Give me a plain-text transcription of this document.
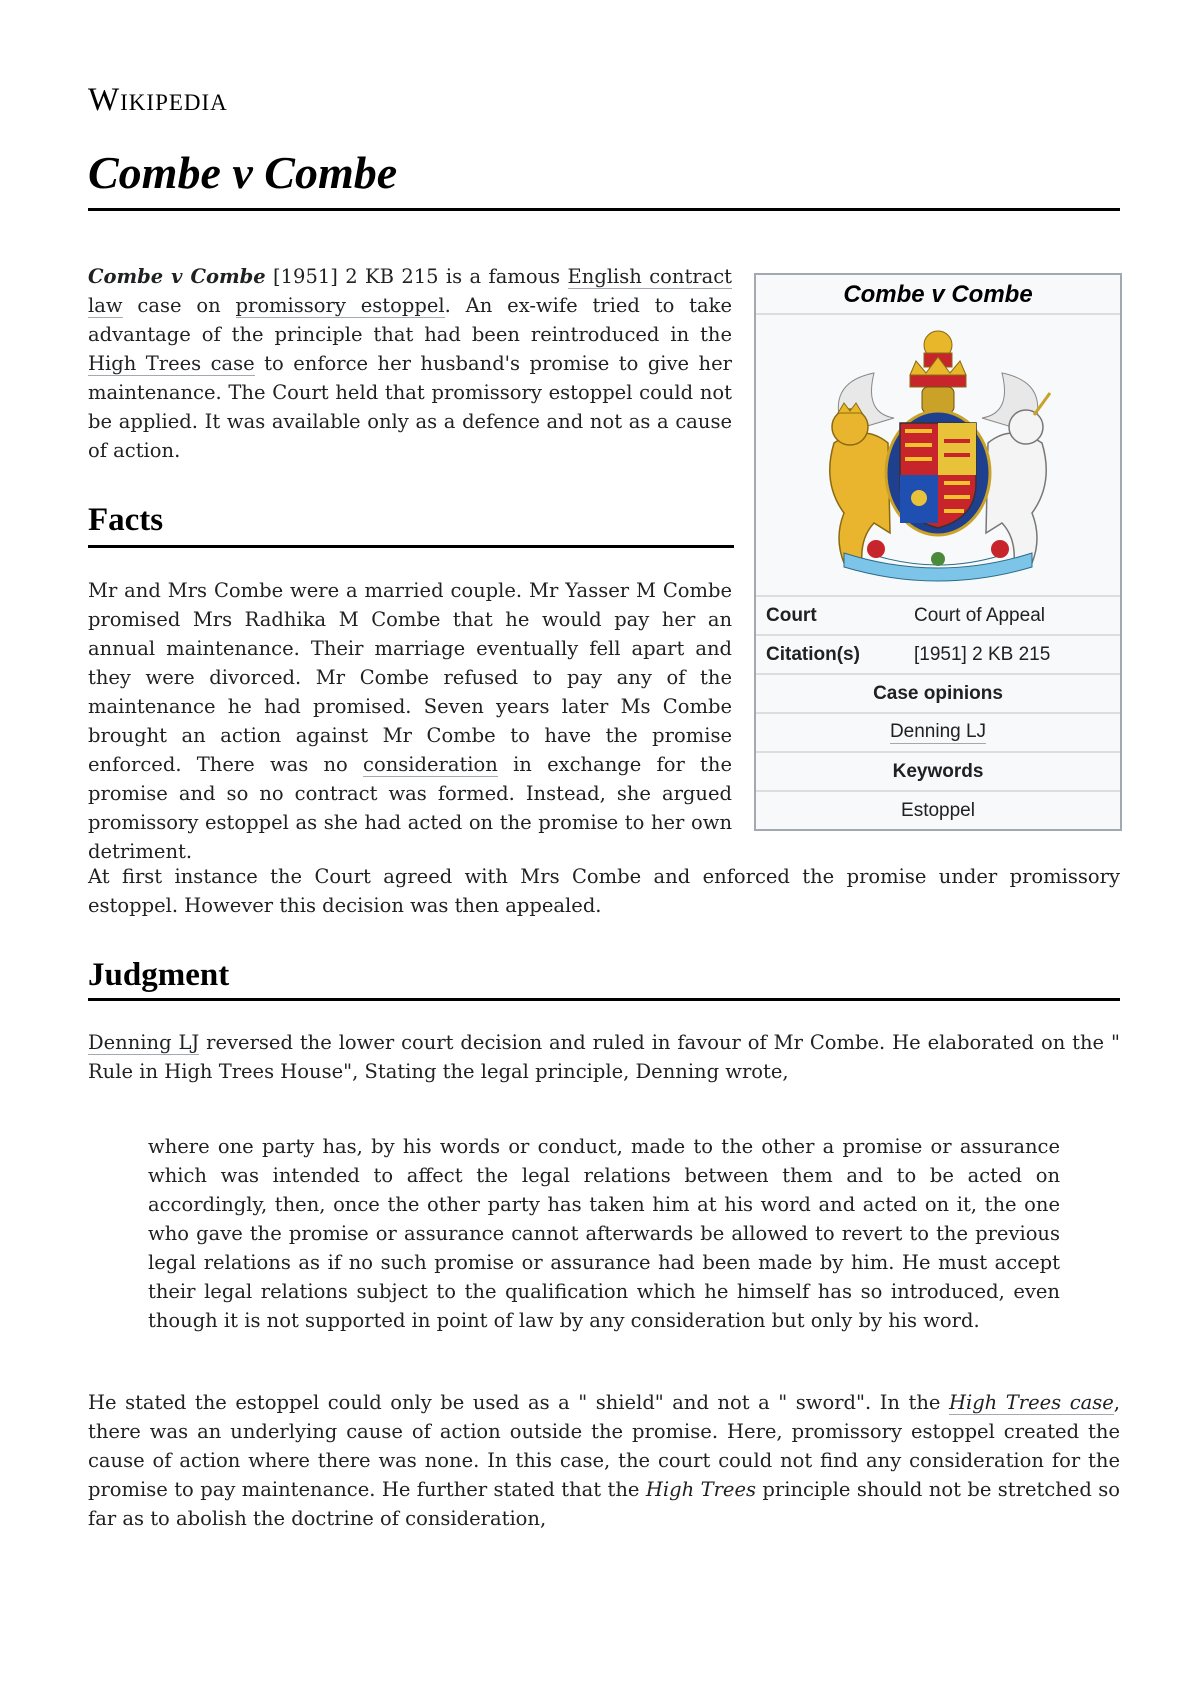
Wikipedia
Combe v Combe

Combe v Combe [1951] 2 KB 215 is a famous English contract law case on promissory estoppel. An ex-wife tried to take advantage of the principle that had been reintroduced in the High Trees case to enforce her husband's promise to give her maintenance. The Court held that promissory estoppel could not be applied. It was available only as a defence and not as a cause of action.

Facts

Mr and Mrs Combe were a married couple. Mr Yasser M Combe promised Mrs Radhika M Combe that he would pay her an annual maintenance. Their marriage eventually fell apart and they were divorced. Mr Combe refused to pay any of the maintenance he had promised. Seven years later Ms Combe brought an action against Mr Combe to have the promise enforced. There was no consideration in exchange for the promise and so no contract was formed. Instead, she argued promissory estoppel as she had acted on the promise to her own detriment.

At first instance the Court agreed with Mrs Combe and enforced the promise under promissory estoppel. However this decision was then appealed.

Judgment

Denning LJ reversed the lower court decision and ruled in favour of Mr Combe. He elaborated on the " Rule in High Trees House", Stating the legal principle, Denning wrote,

where one party has, by his words or conduct, made to the other a promise or assurance which was intended to affect the legal relations between them and to be acted on accordingly, then, once the other party has taken him at his word and acted on it, the one who gave the promise or assurance cannot afterwards be allowed to revert to the previous legal relations as if no such promise or assurance had been made by him. He must accept their legal relations subject to the qualification which he himself has so introduced, even though it is not supported in point of law by any consideration but only by his word.

He stated the estoppel could only be used as a " shield" and not a " sword". In the High Trees case, there was an underlying cause of action outside the promise. Here, promissory estoppel created the cause of action where there was none. In this case, the court could not find any consideration for the promise to pay maintenance. He further stated that the High Trees principle should not be stretched so far as to abolish the doctrine of consideration,

Combe v Combe
Court	Court of Appeal
Citation(s)	[1951] 2 KB 215
Case opinions
Denning LJ
Keywords
Estoppel
